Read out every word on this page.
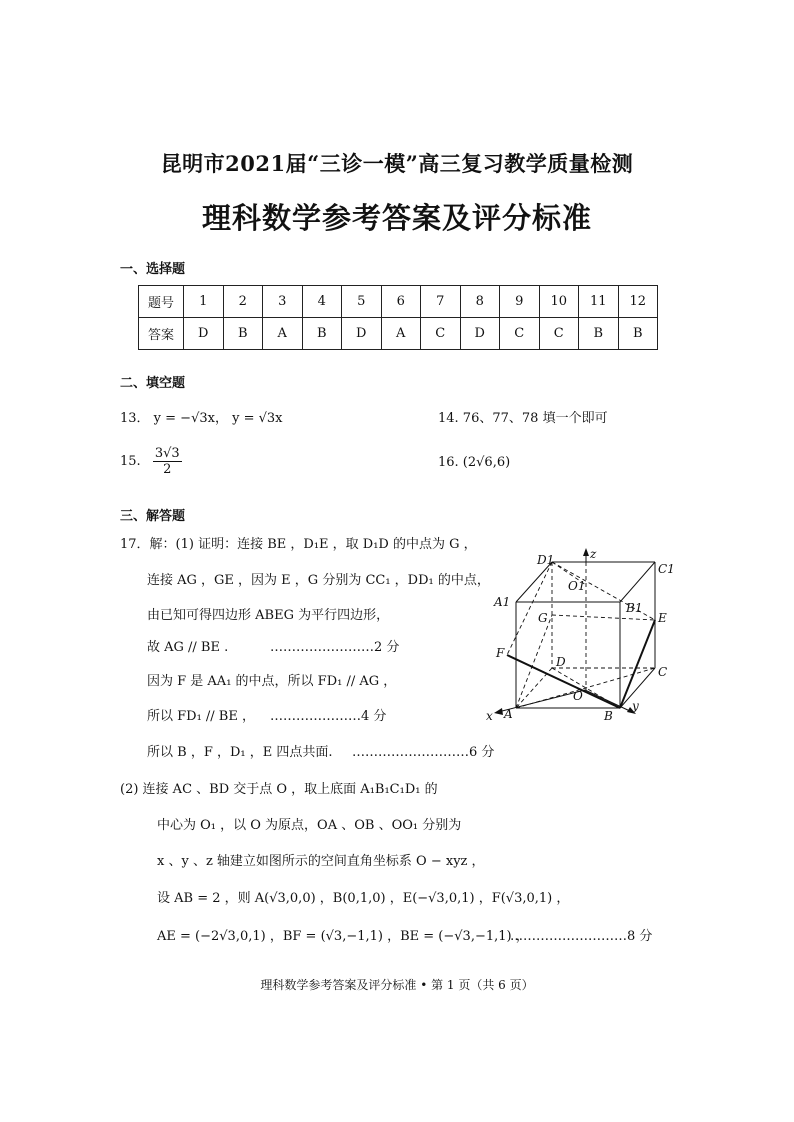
昆明市2021届“三诊一模”高三复习教学质量检测
理科数学参考答案及评分标准
一、选择题
题号	1	2	3	4	5	6	7	8	9	10	11	12
答案	D	B	A	B	D	A	C	D	C	C	B	B
二、填空题
13． y = −√3x， y = √3x	14. 76、77、78 填一个即可
15. $\frac{3√3}{2}$	16. (2√6,6)
三、解答题
17．解：(1) 证明：连接 BE ，D₁E ，取 D₁D 的中点为 G ，
连接 AG ，GE ，因为 E ，G 分别为 CC₁ ，DD₁ 的中点，
由已知可得四边形 ABEG 为平行四边形，
故 AG // BE .	……………………2 分
因为 F 是 AA₁ 的中点，所以 FD₁ // AG ，
所以 FD₁ // BE ， …………………4 分
所以 B ，F ，D₁ ，E 四点共面. ………………………6 分
(2) 连接 AC 、BD 交于点 O ，取上底面 A₁B₁C₁D₁ 的
中心为 O₁ ，以 O 为原点，OA 、OB 、OO₁ 分别为
x 、y 、z 轴建立如图所示的空间直角坐标系 O − xyz ，
设 AB = 2 ，则 A(√3,0,0) ，B(0,1,0) ，E(−√3,0,1) ，F(√3,0,1) ，
AE = (−2√3,0,1) ，BF = (√3,−1,1) ，BE = (−√3,−1,1) ，
………………………8 分
D1	z
C1
O1
A1	B1
G	E
F
D
C
O
x A	B
y
理科数学参考答案及评分标准 • 第 1 页（共 6 页）
